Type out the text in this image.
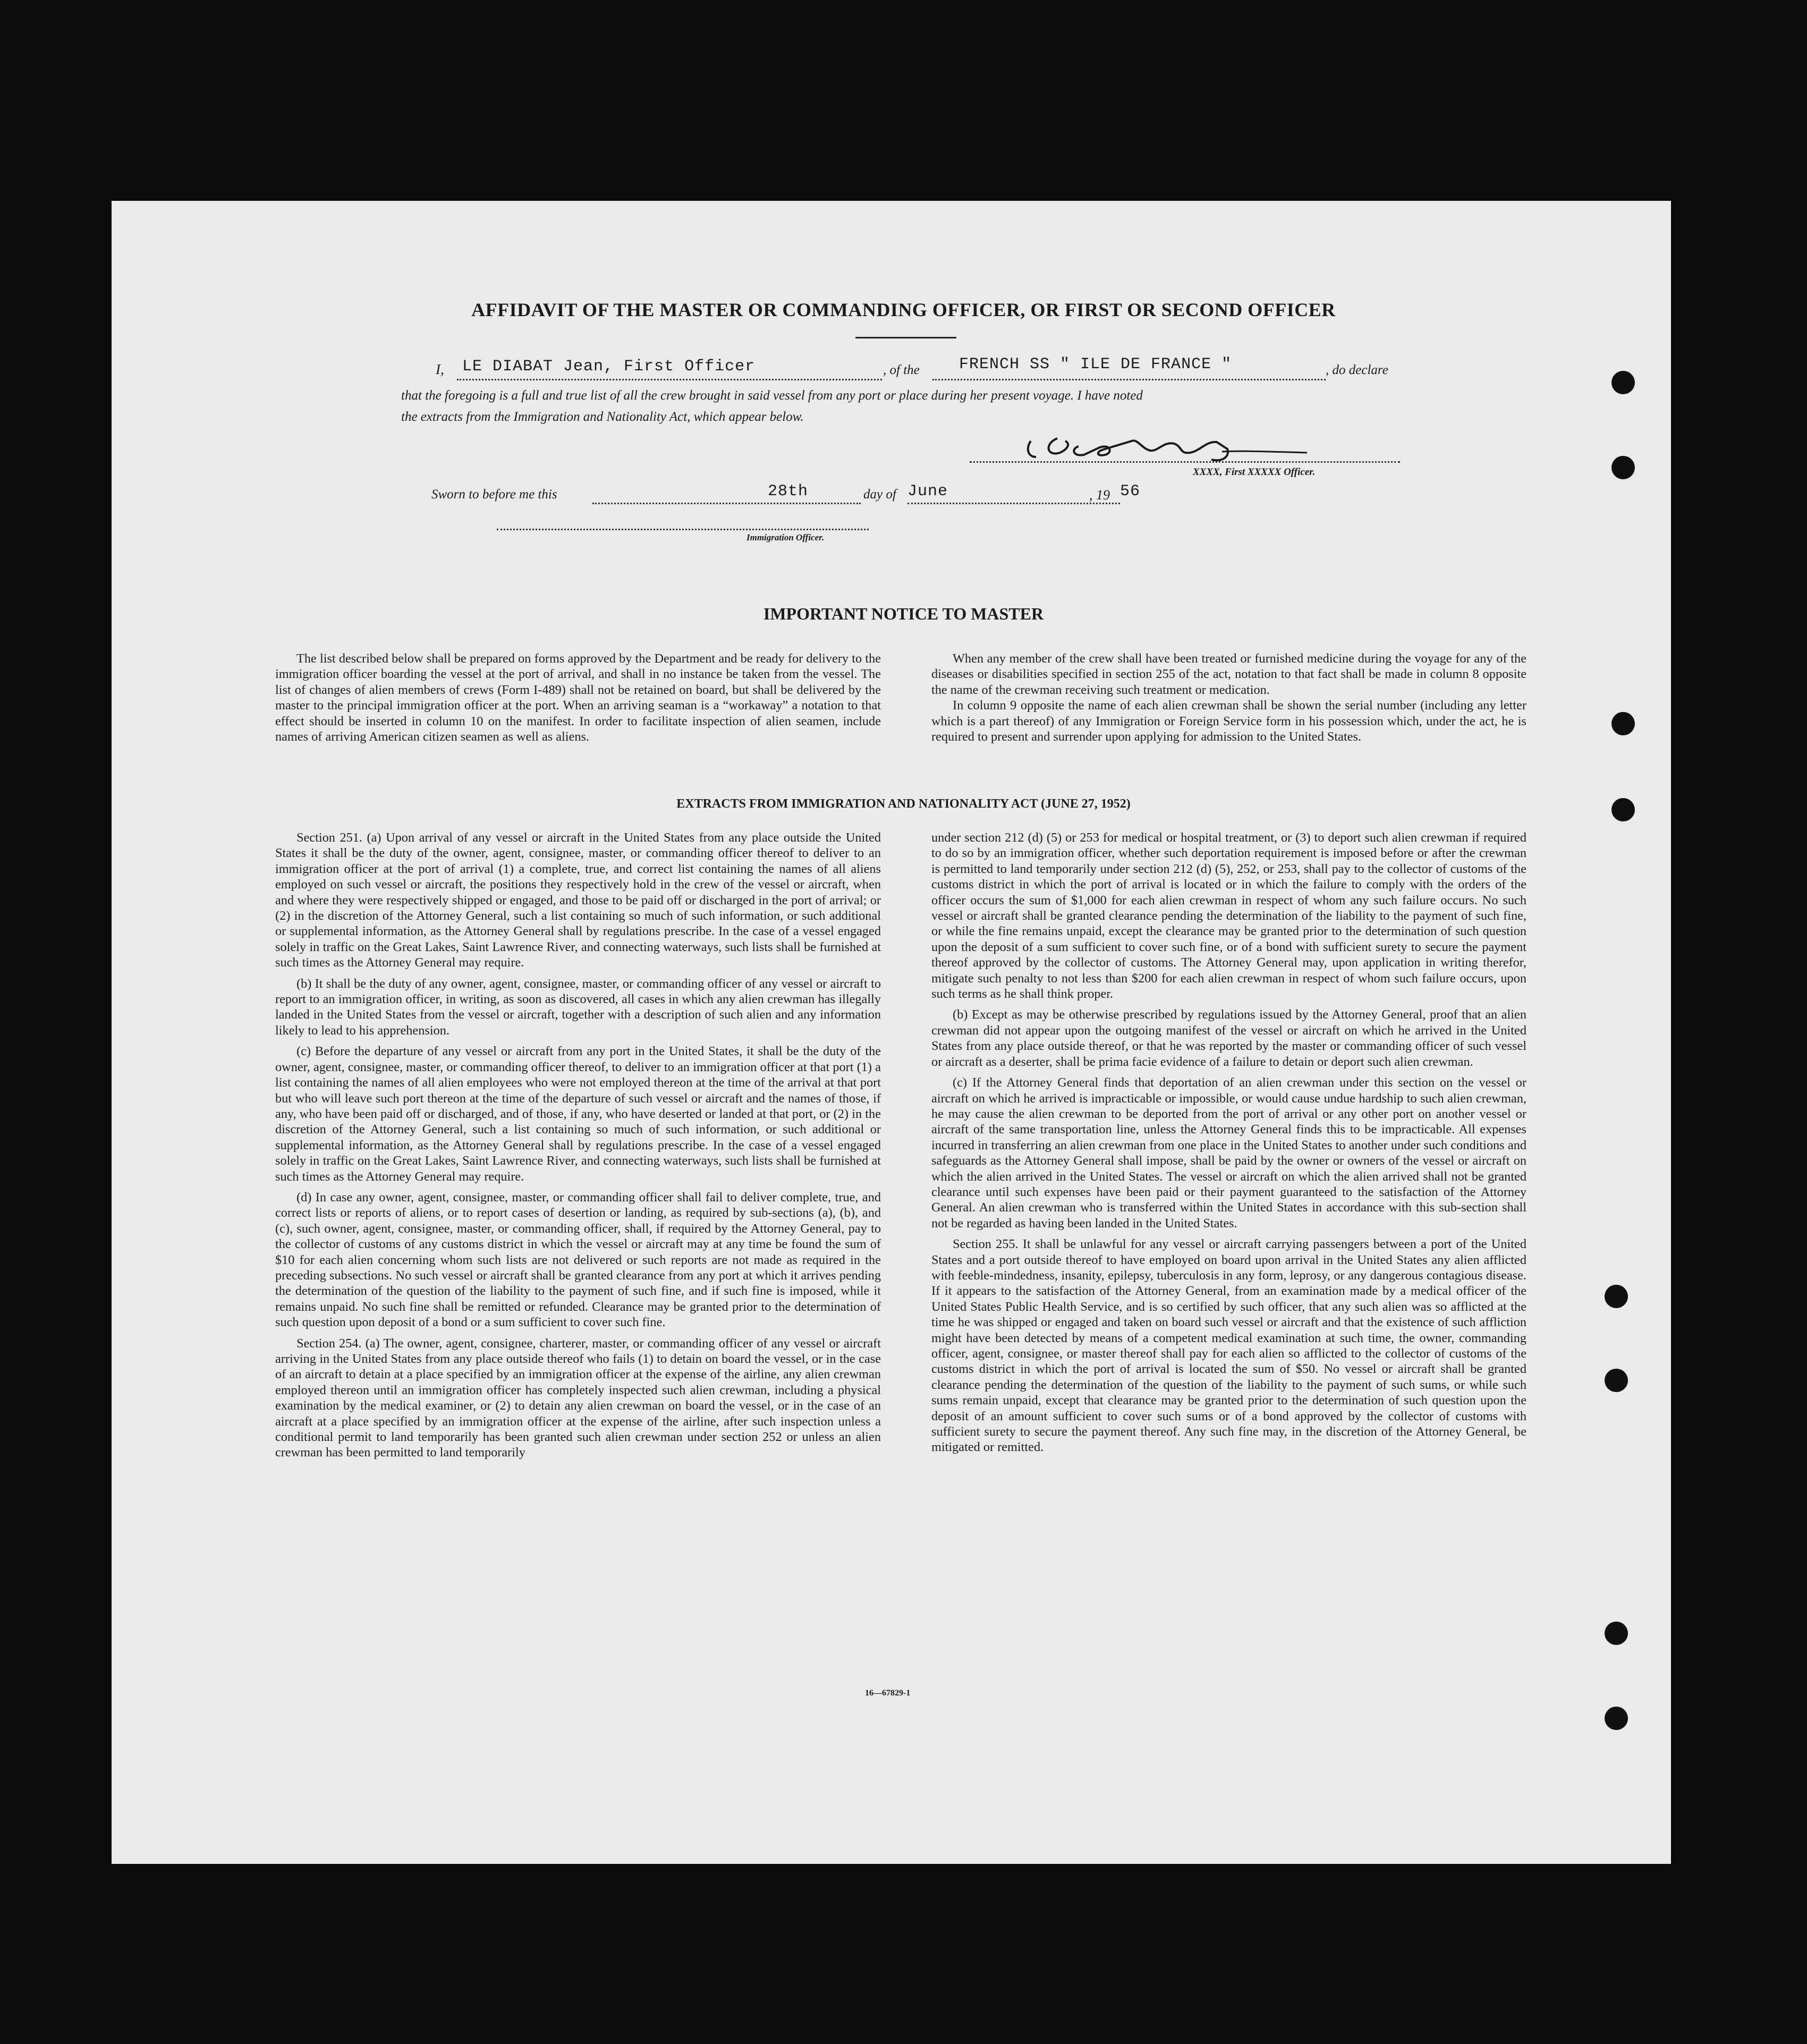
AFFIDAVIT OF THE MASTER OR COMMANDING OFFICER, OR FIRST OR SECOND OFFICER
I, LE DIABAT Jean, First Officer	, of the FRENCH SS " ILE DE FRANCE "	, do declare
that the foregoing is a full and true list of all the crew brought in said vessel from any port or place during her present voyage. I have noted
the extracts from the Immigration and Nationality Act, which appear below.
XXXX, First XXXXX Officer.
Sworn to before me this	28th	day of June	, 19 56
Immigration Officer.
IMPORTANT NOTICE TO MASTER

The list described below shall be prepared on forms approved by the Department and be ready for delivery to the immigration officer boarding the vessel at the port of arrival, and shall in no instance be taken from the vessel. The list of changes of alien members of crews (Form I-489) shall not be retained on board, but shall be delivered by the master to the principal immigration officer at the port. When an arriving seaman is a “workaway” a notation to that effect should be inserted in column 10 on the manifest. In order to facilitate inspection of alien seamen, include names of arriving American citizen seamen as well as aliens.

When any member of the crew shall have been treated or furnished medicine during the voyage for any of the diseases or disabilities specified in section 255 of the act, notation to that fact shall be made in column 8 opposite the name of the crewman receiving such treatment or medication.

In column 9 opposite the name of each alien crewman shall be shown the serial number (including any letter which is a part thereof) of any Immigration or Foreign Service form in his possession which, under the act, he is required to present and surrender upon applying for admission to the United States.

EXTRACTS FROM IMMIGRATION AND NATIONALITY ACT (JUNE 27, 1952)

Section 251. (a) Upon arrival of any vessel or aircraft in the United States from any place outside the United States it shall be the duty of the owner, agent, consignee, master, or commanding officer thereof to deliver to an immigration officer at the port of arrival (1) a complete, true, and correct list containing the names of all aliens employed on such vessel or aircraft, the positions they respectively hold in the crew of the vessel or aircraft, when and where they were respectively shipped or engaged, and those to be paid off or discharged in the port of arrival; or (2) in the discretion of the Attorney General, such a list containing so much of such information, or such additional or supplemental information, as the Attorney General shall by regulations prescribe. In the case of a vessel engaged solely in traffic on the Great Lakes, Saint Lawrence River, and connecting waterways, such lists shall be furnished at such times as the Attorney General may require.

(b) It shall be the duty of any owner, agent, consignee, master, or commanding officer of any vessel or aircraft to report to an immigration officer, in writing, as soon as discovered, all cases in which any alien crewman has illegally landed in the United States from the vessel or aircraft, together with a description of such alien and any information likely to lead to his apprehension.

(c) Before the departure of any vessel or aircraft from any port in the United States, it shall be the duty of the owner, agent, consignee, master, or commanding officer thereof, to deliver to an immigration officer at that port (1) a list containing the names of all alien employees who were not employed thereon at the time of the arrival at that port but who will leave such port thereon at the time of the departure of such vessel or aircraft and the names of those, if any, who have been paid off or discharged, and of those, if any, who have deserted or landed at that port, or (2) in the discretion of the Attorney General, such a list containing so much of such information, or such additional or supplemental information, as the Attorney General shall by regulations prescribe. In the case of a vessel engaged solely in traffic on the Great Lakes, Saint Lawrence River, and connecting waterways, such lists shall be furnished at such times as the Attorney General may require.

(d) In case any owner, agent, consignee, master, or commanding officer shall fail to deliver complete, true, and correct lists or reports of aliens, or to report cases of desertion or landing, as required by sub-sections (a), (b), and (c), such owner, agent, consignee, master, or commanding officer, shall, if required by the Attorney General, pay to the collector of customs of any customs district in which the vessel or aircraft may at any time be found the sum of $10 for each alien concerning whom such lists are not delivered or such reports are not made as required in the preceding subsections. No such vessel or aircraft shall be granted clearance from any port at which it arrives pending the determination of the question of the liability to the payment of such fine, and if such fine is imposed, while it remains unpaid. No such fine shall be remitted or refunded. Clearance may be granted prior to the determination of such question upon deposit of a bond or a sum sufficient to cover such fine.

Section 254. (a) The owner, agent, consignee, charterer, master, or commanding officer of any vessel or aircraft arriving in the United States from any place outside thereof who fails (1) to detain on board the vessel, or in the case of an aircraft to detain at a place specified by an immigration officer at the expense of the airline, any alien crewman employed thereon until an immigration officer has completely inspected such alien crewman, including a physical examination by the medical examiner, or (2) to detain any alien crewman on board the vessel, or in the case of an aircraft at a place specified by an immigration officer at the expense of the airline, after such inspection unless a conditional permit to land temporarily has been granted such alien crewman under section 252 or unless an alien crewman has been permitted to land temporarily

under section 212 (d) (5) or 253 for medical or hospital treatment, or (3) to deport such alien crewman if required to do so by an immigration officer, whether such deportation requirement is imposed before or after the crewman is permitted to land temporarily under section 212 (d) (5), 252, or 253, shall pay to the collector of customs of the customs district in which the port of arrival is located or in which the failure to comply with the orders of the officer occurs the sum of $1,000 for each alien crewman in respect of whom any such failure occurs. No such vessel or aircraft shall be granted clearance pending the determination of the liability to the payment of such fine, or while the fine remains unpaid, except the clearance may be granted prior to the determination of such question upon the deposit of a sum sufficient to cover such fine, or of a bond with sufficient surety to secure the payment thereof approved by the collector of customs. The Attorney General may, upon application in writing therefor, mitigate such penalty to not less than $200 for each alien crewman in respect of whom such failure occurs, upon such terms as he shall think proper.

(b) Except as may be otherwise prescribed by regulations issued by the Attorney General, proof that an alien crewman did not appear upon the outgoing manifest of the vessel or aircraft on which he arrived in the United States from any place outside thereof, or that he was reported by the master or commanding officer of such vessel or aircraft as a deserter, shall be prima facie evidence of a failure to detain or deport such alien crewman.

(c) If the Attorney General finds that deportation of an alien crewman under this section on the vessel or aircraft on which he arrived is impracticable or impossible, or would cause undue hardship to such alien crewman, he may cause the alien crewman to be deported from the port of arrival or any other port on another vessel or aircraft of the same transportation line, unless the Attorney General finds this to be impracticable. All expenses incurred in transferring an alien crewman from one place in the United States to another under such conditions and safeguards as the Attorney General shall impose, shall be paid by the owner or owners of the vessel or aircraft on which the alien arrived in the United States. The vessel or aircraft on which the alien arrived shall not be granted clearance until such expenses have been paid or their payment guaranteed to the satisfaction of the Attorney General. An alien crewman who is transferred within the United States in accordance with this sub-section shall not be regarded as having been landed in the United States.

Section 255. It shall be unlawful for any vessel or aircraft carrying passengers between a port of the United States and a port outside thereof to have employed on board upon arrival in the United States any alien afflicted with feeble-mindedness, insanity, epilepsy, tuberculosis in any form, leprosy, or any dangerous contagious disease. If it appears to the satisfaction of the Attorney General, from an examination made by a medical officer of the United States Public Health Service, and is so certified by such officer, that any such alien was so afflicted at the time he was shipped or engaged and taken on board such vessel or aircraft and that the existence of such affliction might have been detected by means of a competent medical examination at such time, the owner, commanding officer, agent, consignee, or master thereof shall pay for each alien so afflicted to the collector of customs of the customs district in which the port of arrival is located the sum of $50. No vessel or aircraft shall be granted clearance pending the determination of the question of the liability to the payment of such sums, or while such sums remain unpaid, except that clearance may be granted prior to the determination of such question upon the deposit of an amount sufficient to cover such sums or of a bond approved by the collector of customs with sufficient surety to secure the payment thereof. Any such fine may, in the discretion of the Attorney General, be mitigated or remitted.

16—67829-1
